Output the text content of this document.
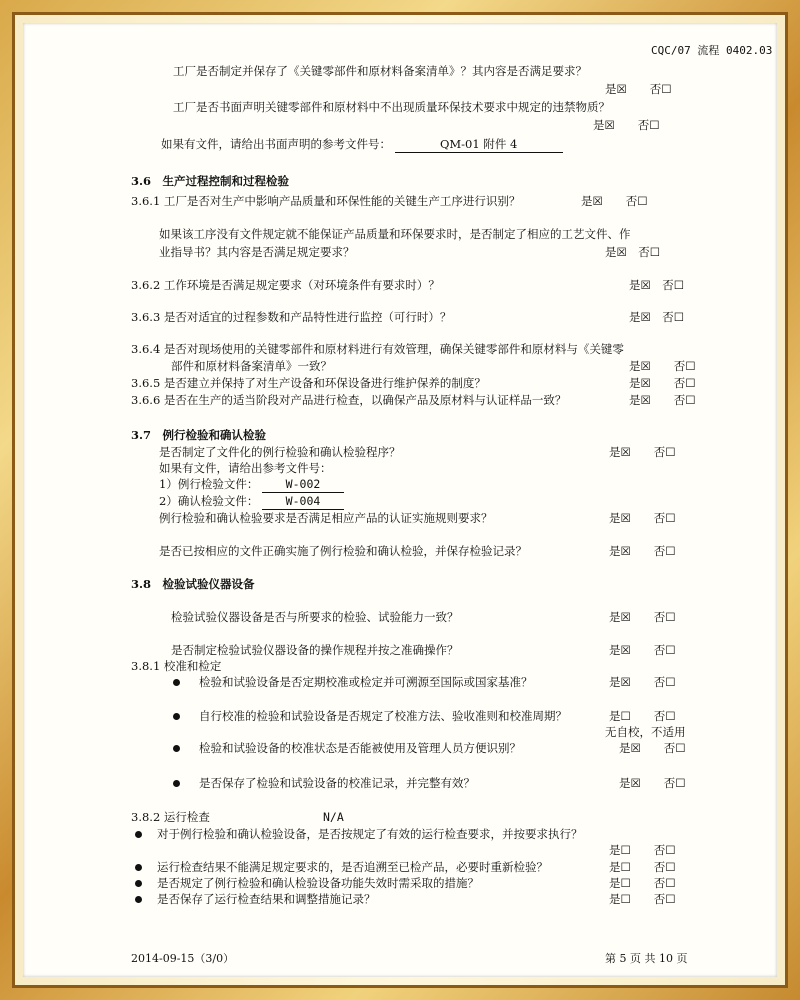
CQC/07 流程 0402.03
工厂是否制定并保存了《关键零部件和原材料备案清单》？其内容是否满足要求？
是☒　　否☐
工厂是否书面声明关键零部件和原材料中不出现质量环保技术要求中规定的违禁物质？
是☒　　否☐
如果有文件，请给出书面声明的参考文件号：	QM-01 附件 4
3.6　生产过程控制和过程检验
3.6.1 工厂是否对生产中影响产品质量和环保性能的关键生产工序进行识别？	是☒　　否☐
如果该工序没有文件规定就不能保证产品质量和环保要求时，是否制定了相应的工艺文件、作
业指导书？其内容是否满足规定要求？	是☒　否☐
3.6.2 工作环境是否满足规定要求（对环境条件有要求时）？	是☒　否☐
3.6.3 是否对适宜的过程参数和产品特性进行监控（可行时）？	是☒　否☐
3.6.4 是否对现场使用的关键零部件和原材料进行有效管理，确保关键零部件和原材料与《关键零
部件和原材料备案清单》一致？	是☒　　否☐
3.6.5 是否建立并保持了对生产设备和环保设备进行维护保养的制度？	是☒　　否☐
3.6.6 是否在生产的适当阶段对产品进行检查，以确保产品及原材料与认证样品一致？	是☒　　否☐
3.7　例行检验和确认检验
是否制定了文件化的例行检验和确认检验程序？	是☒　　否☐
如果有文件，请给出参考文件号：
1）例行检验文件： W-002
2）确认检验文件： W-004
例行检验和确认检验要求是否满足相应产品的认证实施规则要求？	是☒　　否☐
是否已按相应的文件正确实施了例行检验和确认检验，并保存检验记录？	是☒　　否☐
3.8　检验试验仪器设备
检验试验仪器设备是否与所要求的检验、试验能力一致？	是☒　　否☐
是否制定检验试验仪器设备的操作规程并按之准确操作？	是☒　　否☐
3.8.1 校准和检定
检验和试验设备是否定期校准或检定并可溯源至国际或国家基准？	是☒　　否☐
自行校准的检验和试验设备是否规定了校准方法、验收准则和校准周期？	是☐　　否☐
无自校，不适用
检验和试验设备的校准状态是否能被使用及管理人员方便识别？	是☒　　否☐
是否保存了检验和试验设备的校准记录，并完整有效？	是☒　　否☐
3.8.2 运行检查	N/A
对于例行检验和确认检验设备，是否按规定了有效的运行检查要求，并按要求执行？
是☐　　否☐
运行检查结果不能满足规定要求的，是否追溯至已检产品，必要时重新检验？	是☐　　否☐
是否规定了例行检验和确认检验设备功能失效时需采取的措施？	是☐　　否☐
是否保存了运行检查结果和调整措施记录？	是☐　　否☐
2014-09-15（3/0）	第 5 页 共 10 页
